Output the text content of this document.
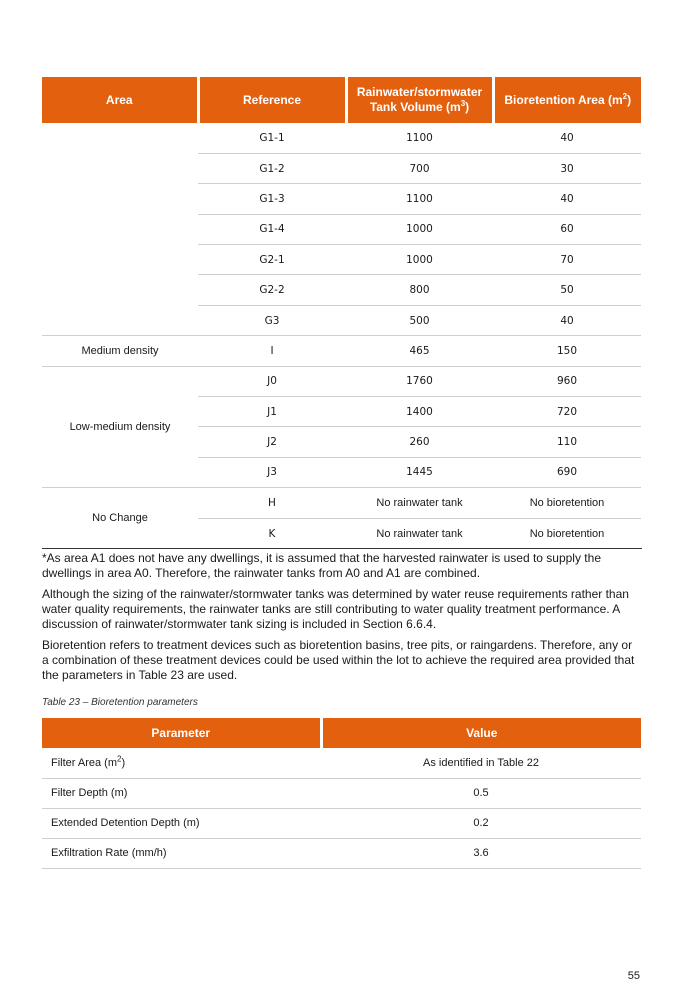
Area	Reference	Rainwater/stormwater Tank Volume $(m^3)$	Bioretention Area $(m^2)$
	G1-1	1100	40
	G1-2	700	30
	G1-3	1100	40
	G1-4	1000	60
	G2-1	1000	70
	G2-2	800	50
	G3	500	40
Medium density	I	465	150
Low-medium density	J0	1760	960
	J1	1400	720
	J2	260	110
	J3	1445	690
No Change	H	No rainwater tank	No bioretention
	K	No rainwater tank	No bioretention

*As area A1 does not have any dwellings, it is assumed that the harvested rainwater is used to supply the dwellings in area A0. Therefore, the rainwater tanks from A0 and A1 are combined.

Although the sizing of the rainwater/stormwater tanks was determined by water reuse requirements rather than water quality requirements, the rainwater tanks are still contributing to water quality treatment performance. A discussion of rainwater/stormwater tank sizing is included in Section 6.6.4.

Bioretention refers to treatment devices such as bioretention basins, tree pits, or raingardens. Therefore, any or a combination of these treatment devices could be used within the lot to achieve the required area provided that the parameters in Table 23 are used.

Table 23 – Bioretention parameters
Parameter	Value
Filter Area $(m^2)$	As identified in Table 22
Filter Depth (m)	0.5
Extended Detention Depth (m)	0.2
Exfiltration Rate (mm/h)	3.6
55
